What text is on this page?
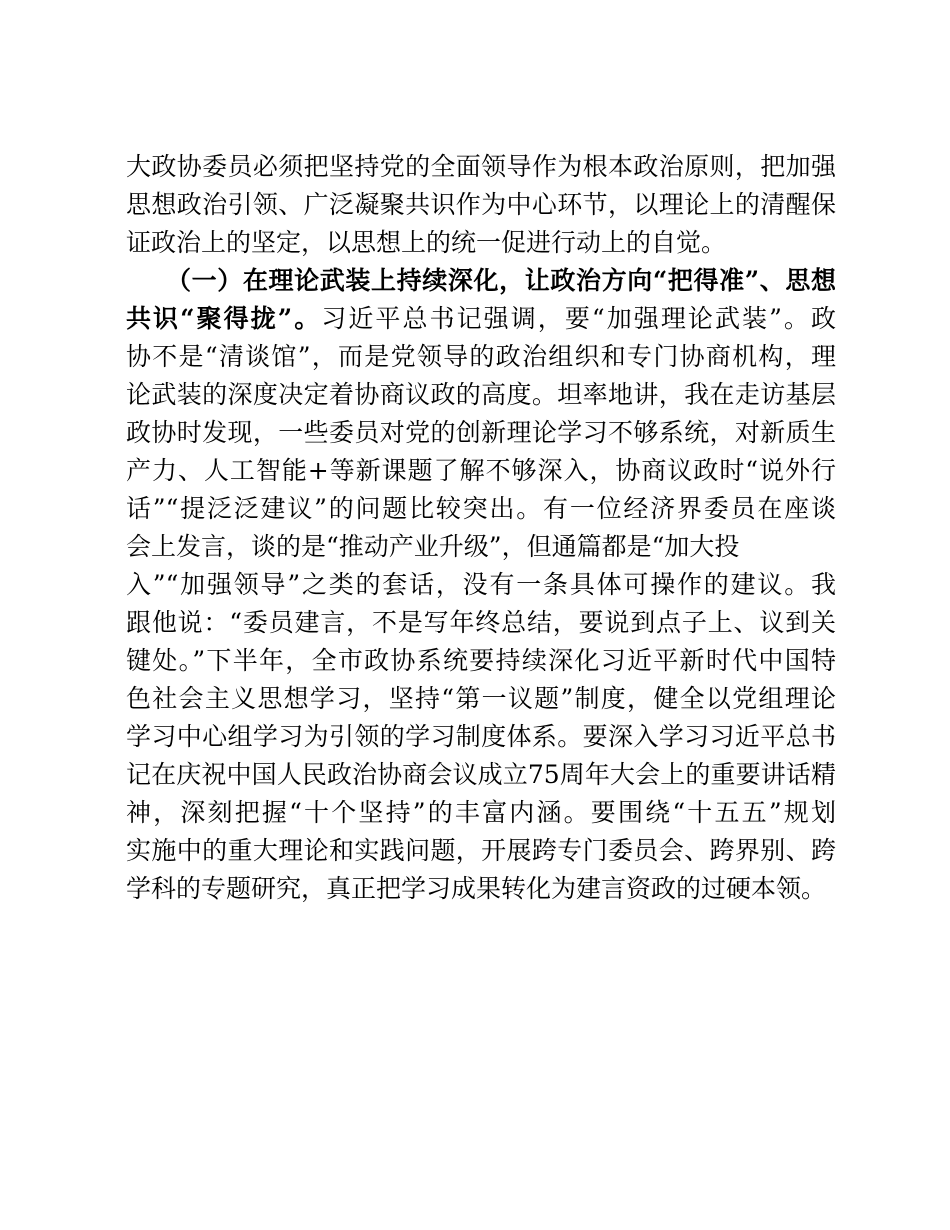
大政协委员必须把坚持党的全面领导作为根本政治原则，把加强
思想政治引领、广泛凝聚共识作为中心环节，以理论上的清醒保
证政治上的坚定，以思想上的统一促进行动上的自觉。
（一）在理论武装上持续深化，让政治方向“把得准”、思想
共识“聚得拢”。习近平总书记强调，要“加强理论武装”。政
协不是“清谈馆”，而是党领导的政治组织和专门协商机构，理
论武装的深度决定着协商议政的高度。坦率地讲，我在走访基层
政协时发现，一些委员对党的创新理论学习不够系统，对新质生
产力、人工智能+等新课题了解不够深入，协商议政时“说外行
话”“提泛泛建议”的问题比较突出。有一位经济界委员在座谈
会上发言，谈的是“推动产业升级”，但通篇都是“加大投
入”“加强领导”之类的套话，没有一条具体可操作的建议。我
跟他说：“委员建言，不是写年终总结，要说到点子上、议到关
键处。”下半年，全市政协系统要持续深化习近平新时代中国特
色社会主义思想学习，坚持“第一议题”制度，健全以党组理论
学习中心组学习为引领的学习制度体系。要深入学习习近平总书
记在庆祝中国人民政治协商会议成立75周年大会上的重要讲话精
神，深刻把握“十个坚持”的丰富内涵。要围绕“十五五”规划
实施中的重大理论和实践问题，开展跨专门委员会、跨界别、跨
学科的专题研究，真正把学习成果转化为建言资政的过硬本领。
